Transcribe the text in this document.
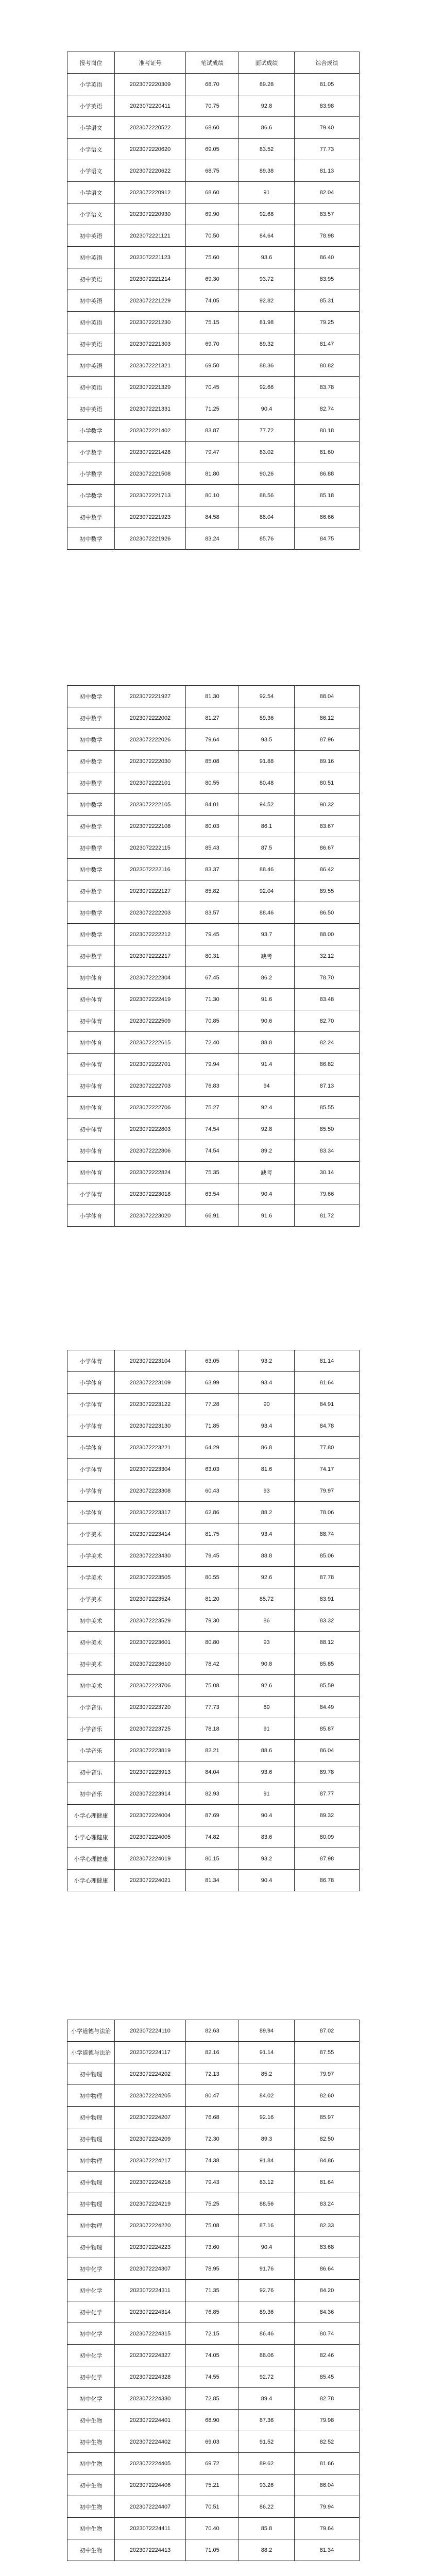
报考岗位	准考证号	笔试成绩	面试成绩	综合成绩
小学英语	2023072220309	68.70	89.28	81.05
小学英语	2023072220411	70.75	92.8	83.98
小学语文	2023072220522	68.60	86.6	79.40
小学语文	2023072220620	69.05	83.52	77.73
小学语文	2023072220622	68.75	89.38	81.13
小学语文	2023072220912	68.60	91	82.04
小学语文	2023072220930	69.90	92.68	83.57
初中英语	2023072221121	70.50	84.64	78.98
初中英语	2023072221123	75.60	93.6	86.40
初中英语	2023072221214	69.30	93.72	83.95
初中英语	2023072221229	74.05	92.82	85.31
初中英语	2023072221230	75.15	81.98	79.25
初中英语	2023072221303	69.70	89.32	81.47
初中英语	2023072221321	69.50	88.36	80.82
初中英语	2023072221329	70.45	92.66	83.78
初中英语	2023072221331	71.25	90.4	82.74
小学数学	2023072221402	83.87	77.72	80.18
小学数学	2023072221428	79.47	83.02	81.60
小学数学	2023072221508	81.80	90.26	86.88
小学数学	2023072221713	80.10	88.56	85.18
初中数学	2023072221923	84.58	88.04	86.66
初中数学	2023072221926	83.24	85.76	84.75
初中数学	2023072221927	81.30	92.54	88.04
初中数学	2023072222002	81.27	89.36	86.12
初中数学	2023072222026	79.64	93.5	87.96
初中数学	2023072222030	85.08	91.88	89.16
初中数学	2023072222101	80.55	80.48	80.51
初中数学	2023072222105	84.01	94.52	90.32
初中数学	2023072222108	80.03	86.1	83.67
初中数学	2023072222115	85.43	87.5	86.67
初中数学	2023072222116	83.37	88.46	86.42
初中数学	2023072222127	85.82	92.04	89.55
初中数学	2023072222203	83.57	88.46	86.50
初中数学	2023072222212	79.45	93.7	88.00
初中数学	2023072222217	80.31	缺考	32.12
初中体育	2023072222304	67.45	86.2	78.70
初中体育	2023072222419	71.30	91.6	83.48
初中体育	2023072222509	70.85	90.6	82.70
初中体育	2023072222615	72.40	88.8	82.24
初中体育	2023072222701	79.94	91.4	86.82
初中体育	2023072222703	76.83	94	87.13
初中体育	2023072222706	75.27	92.4	85.55
初中体育	2023072222803	74.54	92.8	85.50
初中体育	2023072222806	74.54	89.2	83.34
初中体育	2023072222824	75.35	缺考	30.14
小学体育	2023072223018	63.54	90.4	79.66
小学体育	2023072223020	66.91	91.6	81.72
小学体育	2023072223104	63.05	93.2	81.14
小学体育	2023072223109	63.99	93.4	81.64
小学体育	2023072223122	77.28	90	84.91
小学体育	2023072223130	71.85	93.4	84.78
小学体育	2023072223221	64.29	86.8	77.80
小学体育	2023072223304	63.03	81.6	74.17
小学体育	2023072223308	60.43	93	79.97
小学体育	2023072223317	62.86	88.2	78.06
小学美术	2023072223414	81.75	93.4	88.74
小学美术	2023072223430	79.45	88.8	85.06
小学美术	2023072223505	80.55	92.6	87.78
小学美术	2023072223524	81.20	85.72	83.91
初中美术	2023072223529	79.30	86	83.32
初中美术	2023072223601	80.80	93	88.12
初中美术	2023072223610	78.42	90.8	85.85
初中美术	2023072223706	75.08	92.6	85.59
小学音乐	2023072223720	77.73	89	84.49
小学音乐	2023072223725	78.18	91	85.87
小学音乐	2023072223819	82.21	88.6	86.04
初中音乐	2023072223913	84.04	93.6	89.78
初中音乐	2023072223914	82.93	91	87.77
小学心理健康	2023072224004	87.69	90.4	89.32
小学心理健康	2023072224005	74.82	83.6	80.09
小学心理健康	2023072224019	80.15	93.2	87.98
小学心理健康	2023072224021	81.34	90.4	86.78
小学道德与法治	2023072224110	82.63	89.94	87.02
小学道德与法治	2023072224117	82.16	91.14	87.55
初中物理	2023072224202	72.13	85.2	79.97
初中物理	2023072224205	80.47	84.02	82.60
初中物理	2023072224207	76.68	92.16	85.97
初中物理	2023072224209	72.30	89.3	82.50
初中物理	2023072224217	74.38	91.84	84.86
初中物理	2023072224218	79.43	83.12	81.64
初中物理	2023072224219	75.25	88.56	83.24
初中物理	2023072224220	75.08	87.16	82.33
初中物理	2023072224223	73.60	90.4	83.68
初中化学	2023072224307	78.95	91.76	86.64
初中化学	2023072224311	71.35	92.76	84.20
初中化学	2023072224314	76.85	89.36	84.36
初中化学	2023072224315	72.15	86.46	80.74
初中化学	2023072224327	74.05	88.06	82.46
初中化学	2023072224328	74.55	92.72	85.45
初中化学	2023072224330	72.85	89.4	82.78
初中生物	2023072224401	68.90	87.36	79.98
初中生物	2023072224402	69.03	91.52	82.52
初中生物	2023072224405	69.72	89.62	81.66
初中生物	2023072224406	75.21	93.26	86.04
初中生物	2023072224407	70.51	86.22	79.94
初中生物	2023072224411	70.40	85.8	79.64
初中生物	2023072224413	71.05	88.2	81.34
